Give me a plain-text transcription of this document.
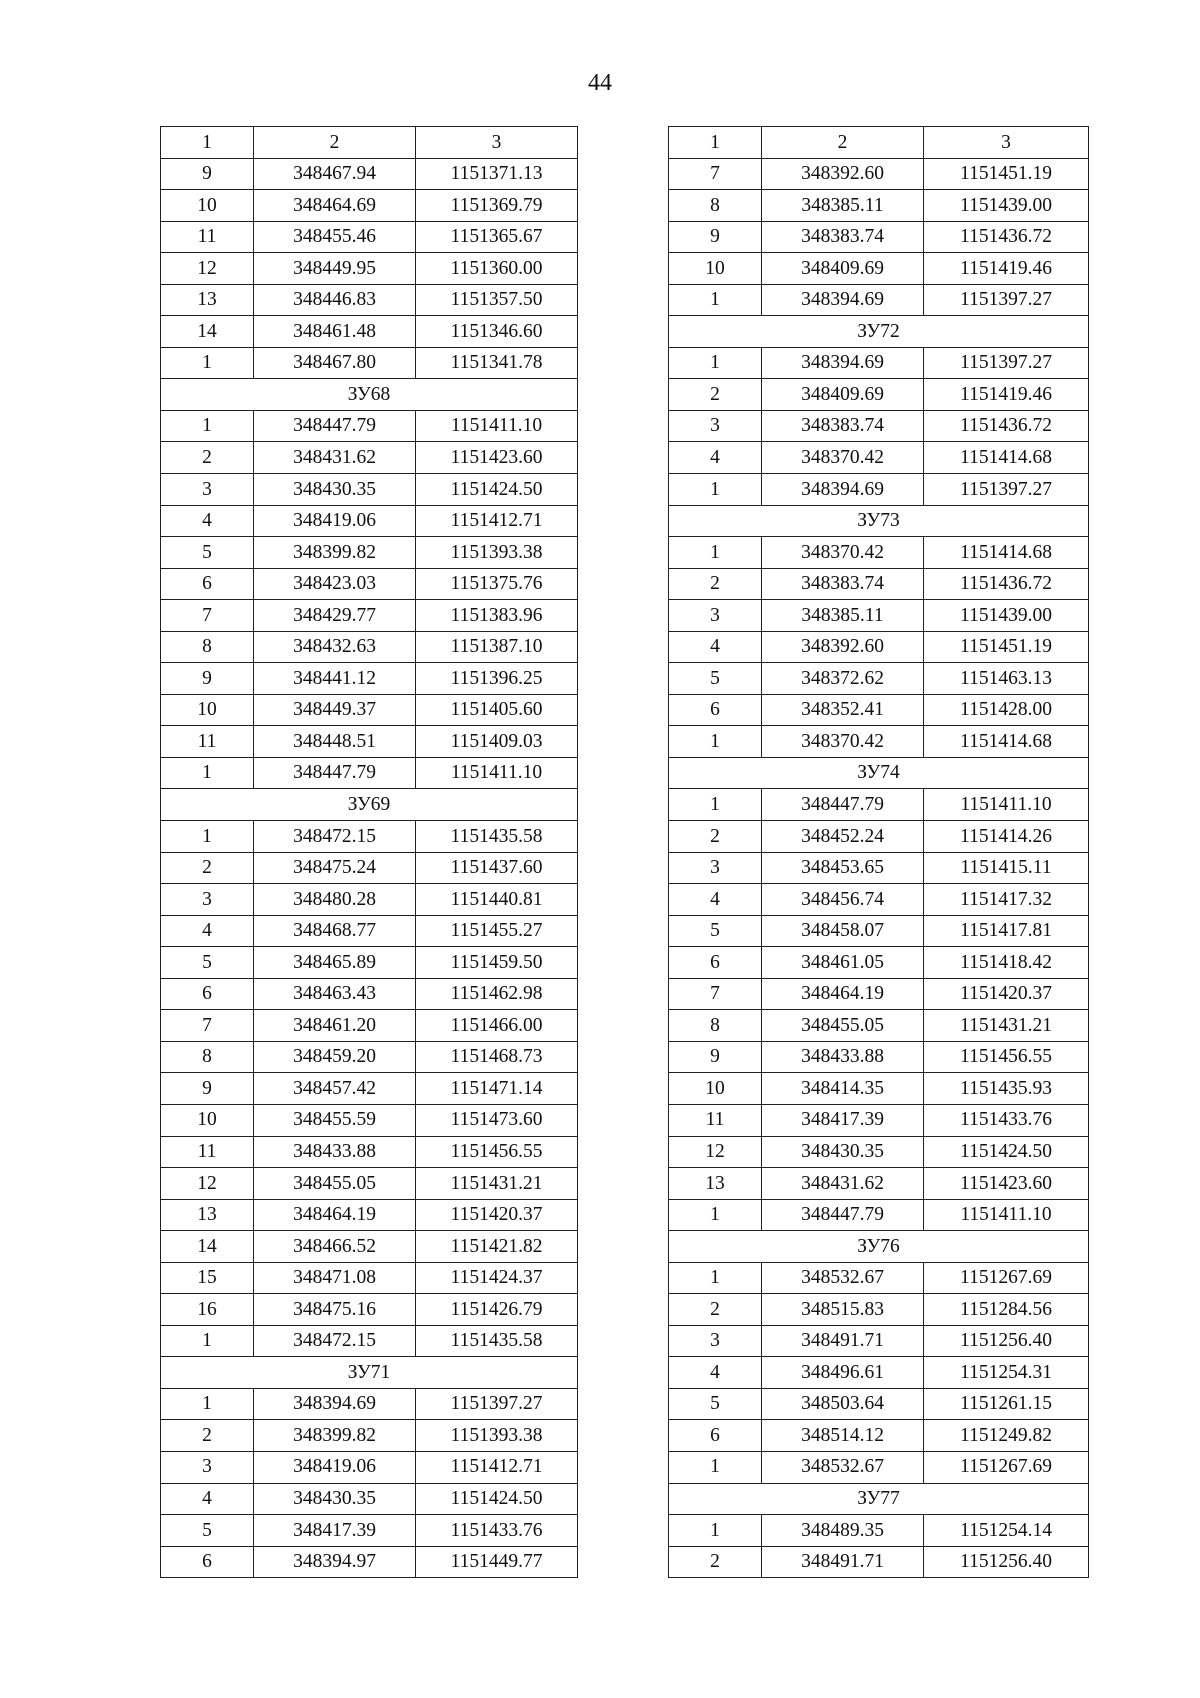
44
1	2	3
9	348467.94	1151371.13
10	348464.69	1151369.79
11	348455.46	1151365.67
12	348449.95	1151360.00
13	348446.83	1151357.50
14	348461.48	1151346.60
1	348467.80	1151341.78
ЗУ68		
1	348447.79	1151411.10
2	348431.62	1151423.60
3	348430.35	1151424.50
4	348419.06	1151412.71
5	348399.82	1151393.38
6	348423.03	1151375.76
7	348429.77	1151383.96
8	348432.63	1151387.10
9	348441.12	1151396.25
10	348449.37	1151405.60
11	348448.51	1151409.03
1	348447.79	1151411.10
ЗУ69		
1	348472.15	1151435.58
2	348475.24	1151437.60
3	348480.28	1151440.81
4	348468.77	1151455.27
5	348465.89	1151459.50
6	348463.43	1151462.98
7	348461.20	1151466.00
8	348459.20	1151468.73
9	348457.42	1151471.14
10	348455.59	1151473.60
11	348433.88	1151456.55
12	348455.05	1151431.21
13	348464.19	1151420.37
14	348466.52	1151421.82
15	348471.08	1151424.37
16	348475.16	1151426.79
1	348472.15	1151435.58
ЗУ71		
1	348394.69	1151397.27
2	348399.82	1151393.38
3	348419.06	1151412.71
4	348430.35	1151424.50
5	348417.39	1151433.76
6	348394.97	1151449.77
1	2	3
7	348392.60	1151451.19
8	348385.11	1151439.00
9	348383.74	1151436.72
10	348409.69	1151419.46
1	348394.69	1151397.27
ЗУ72		
1	348394.69	1151397.27
2	348409.69	1151419.46
3	348383.74	1151436.72
4	348370.42	1151414.68
1	348394.69	1151397.27
ЗУ73		
1	348370.42	1151414.68
2	348383.74	1151436.72
3	348385.11	1151439.00
4	348392.60	1151451.19
5	348372.62	1151463.13
6	348352.41	1151428.00
1	348370.42	1151414.68
ЗУ74		
1	348447.79	1151411.10
2	348452.24	1151414.26
3	348453.65	1151415.11
4	348456.74	1151417.32
5	348458.07	1151417.81
6	348461.05	1151418.42
7	348464.19	1151420.37
8	348455.05	1151431.21
9	348433.88	1151456.55
10	348414.35	1151435.93
11	348417.39	1151433.76
12	348430.35	1151424.50
13	348431.62	1151423.60
1	348447.79	1151411.10
ЗУ76		
1	348532.67	1151267.69
2	348515.83	1151284.56
3	348491.71	1151256.40
4	348496.61	1151254.31
5	348503.64	1151261.15
6	348514.12	1151249.82
1	348532.67	1151267.69
ЗУ77		
1	348489.35	1151254.14
2	348491.71	1151256.40
